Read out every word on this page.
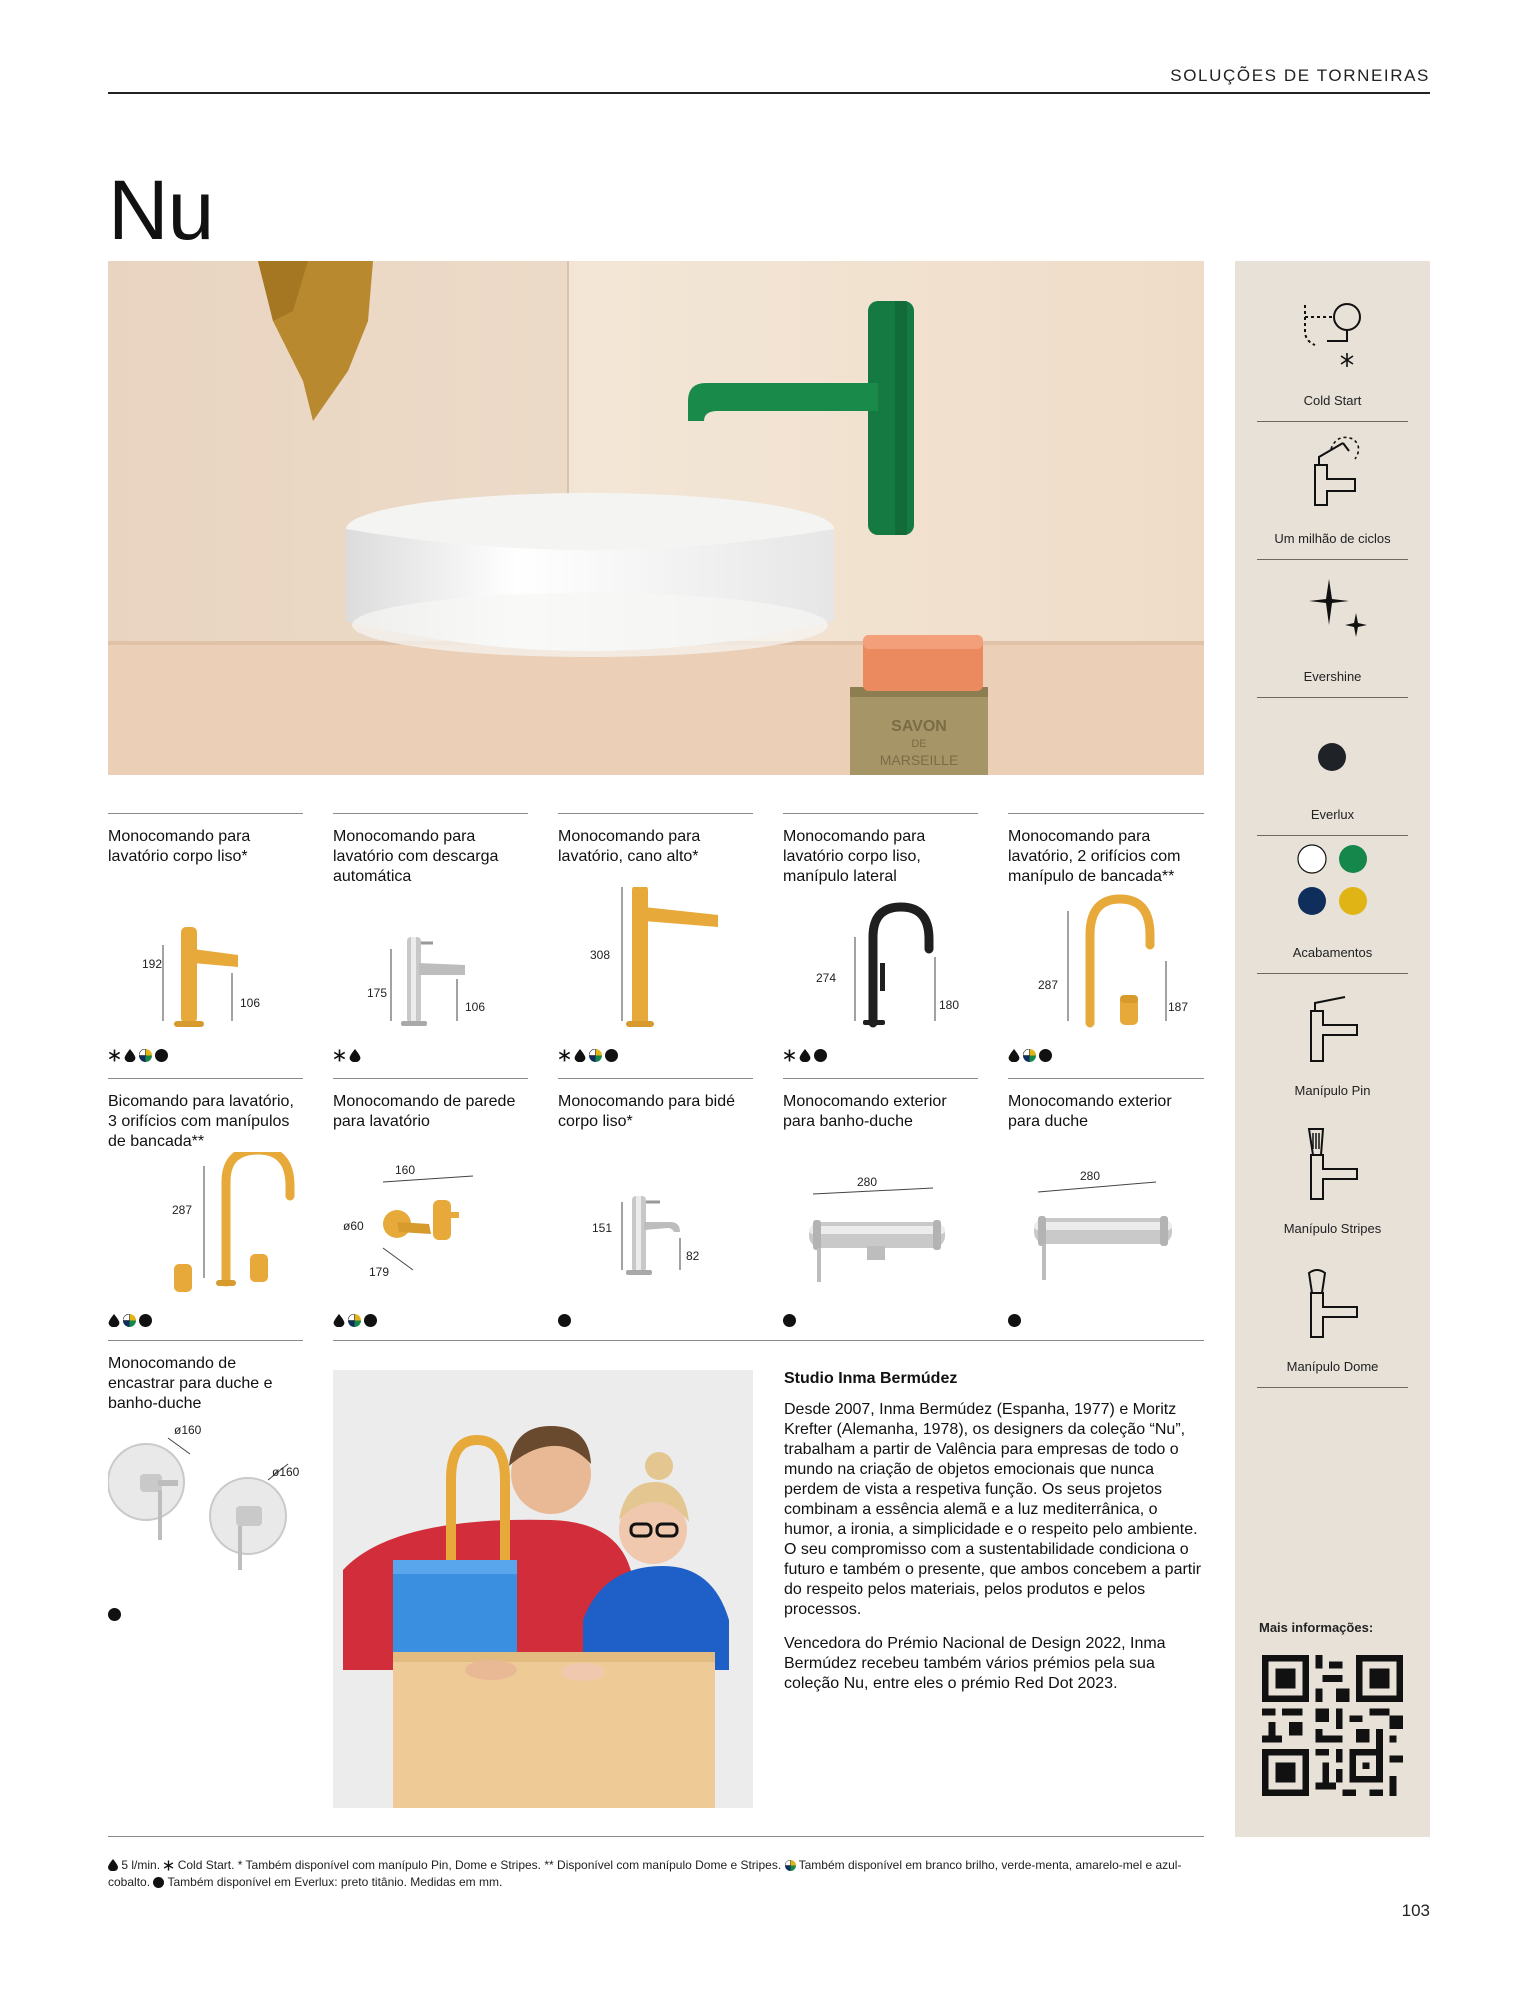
SOLUÇÕES DE TORNEIRAS
Nu
SAVON
DE
MARSEILLE
Monocomando para lavatório corpo liso*
192
106
Monocomando para lavatório com descarga automática
175
106
Monocomando para lavatório, cano alto*
308
Monocomando para lavatório corpo liso, manípulo lateral
274
180
Monocomando para lavatório, 2 orifícios com manípulo de bancada**
287
187
Bicomando para lavatório, 3 orifícios com manípulos de bancada**
287
Monocomando de parede para lavatório
160
ø60
179
Monocomando para bidé corpo liso*
151
82
Monocomando exterior para banho-duche
280
Monocomando exterior para duche
280
Monocomando de encastrar para duche e banho-duche
ø160
ø160
Studio Inma Bermúdez

Desde 2007, Inma Bermúdez (Espanha, 1977) e Moritz Krefter (Alemanha, 1978), os designers da coleção “Nu”, trabalham a partir de Valência para empresas de todo o mundo na criação de objetos emocionais que nunca perdem de vista a respetiva função. Os seus projetos combinam a essência alemã e a luz mediterrânica, o humor, a ironia, a simplicidade e o respeito pelo ambiente. O seu compromisso com a sustentabilidade condiciona o futuro e também o presente, que ambos concebem a partir do respeito pelos materiais, pelos produtos e pelos processos.

Vencedora do Prémio Nacional de Design 2022, Inma Bermúdez recebeu também vários prémios pela sua coleção Nu, entre eles o prémio Red Dot 2023.

Cold Start
Um milhão de ciclos
Evershine
Everlux
Acabamentos
Manípulo Pin
Manípulo Stripes
Manípulo Dome
Mais informações:
5 l/min. Cold Start. * Também disponível com manípulo Pin, Dome e Stripes. ** Disponível com manípulo Dome e Stripes. Também disponível em branco brilho, verde-menta, amarelo-mel e azul-cobalto. Também disponível em Everlux: preto titânio. Medidas em mm.
103
